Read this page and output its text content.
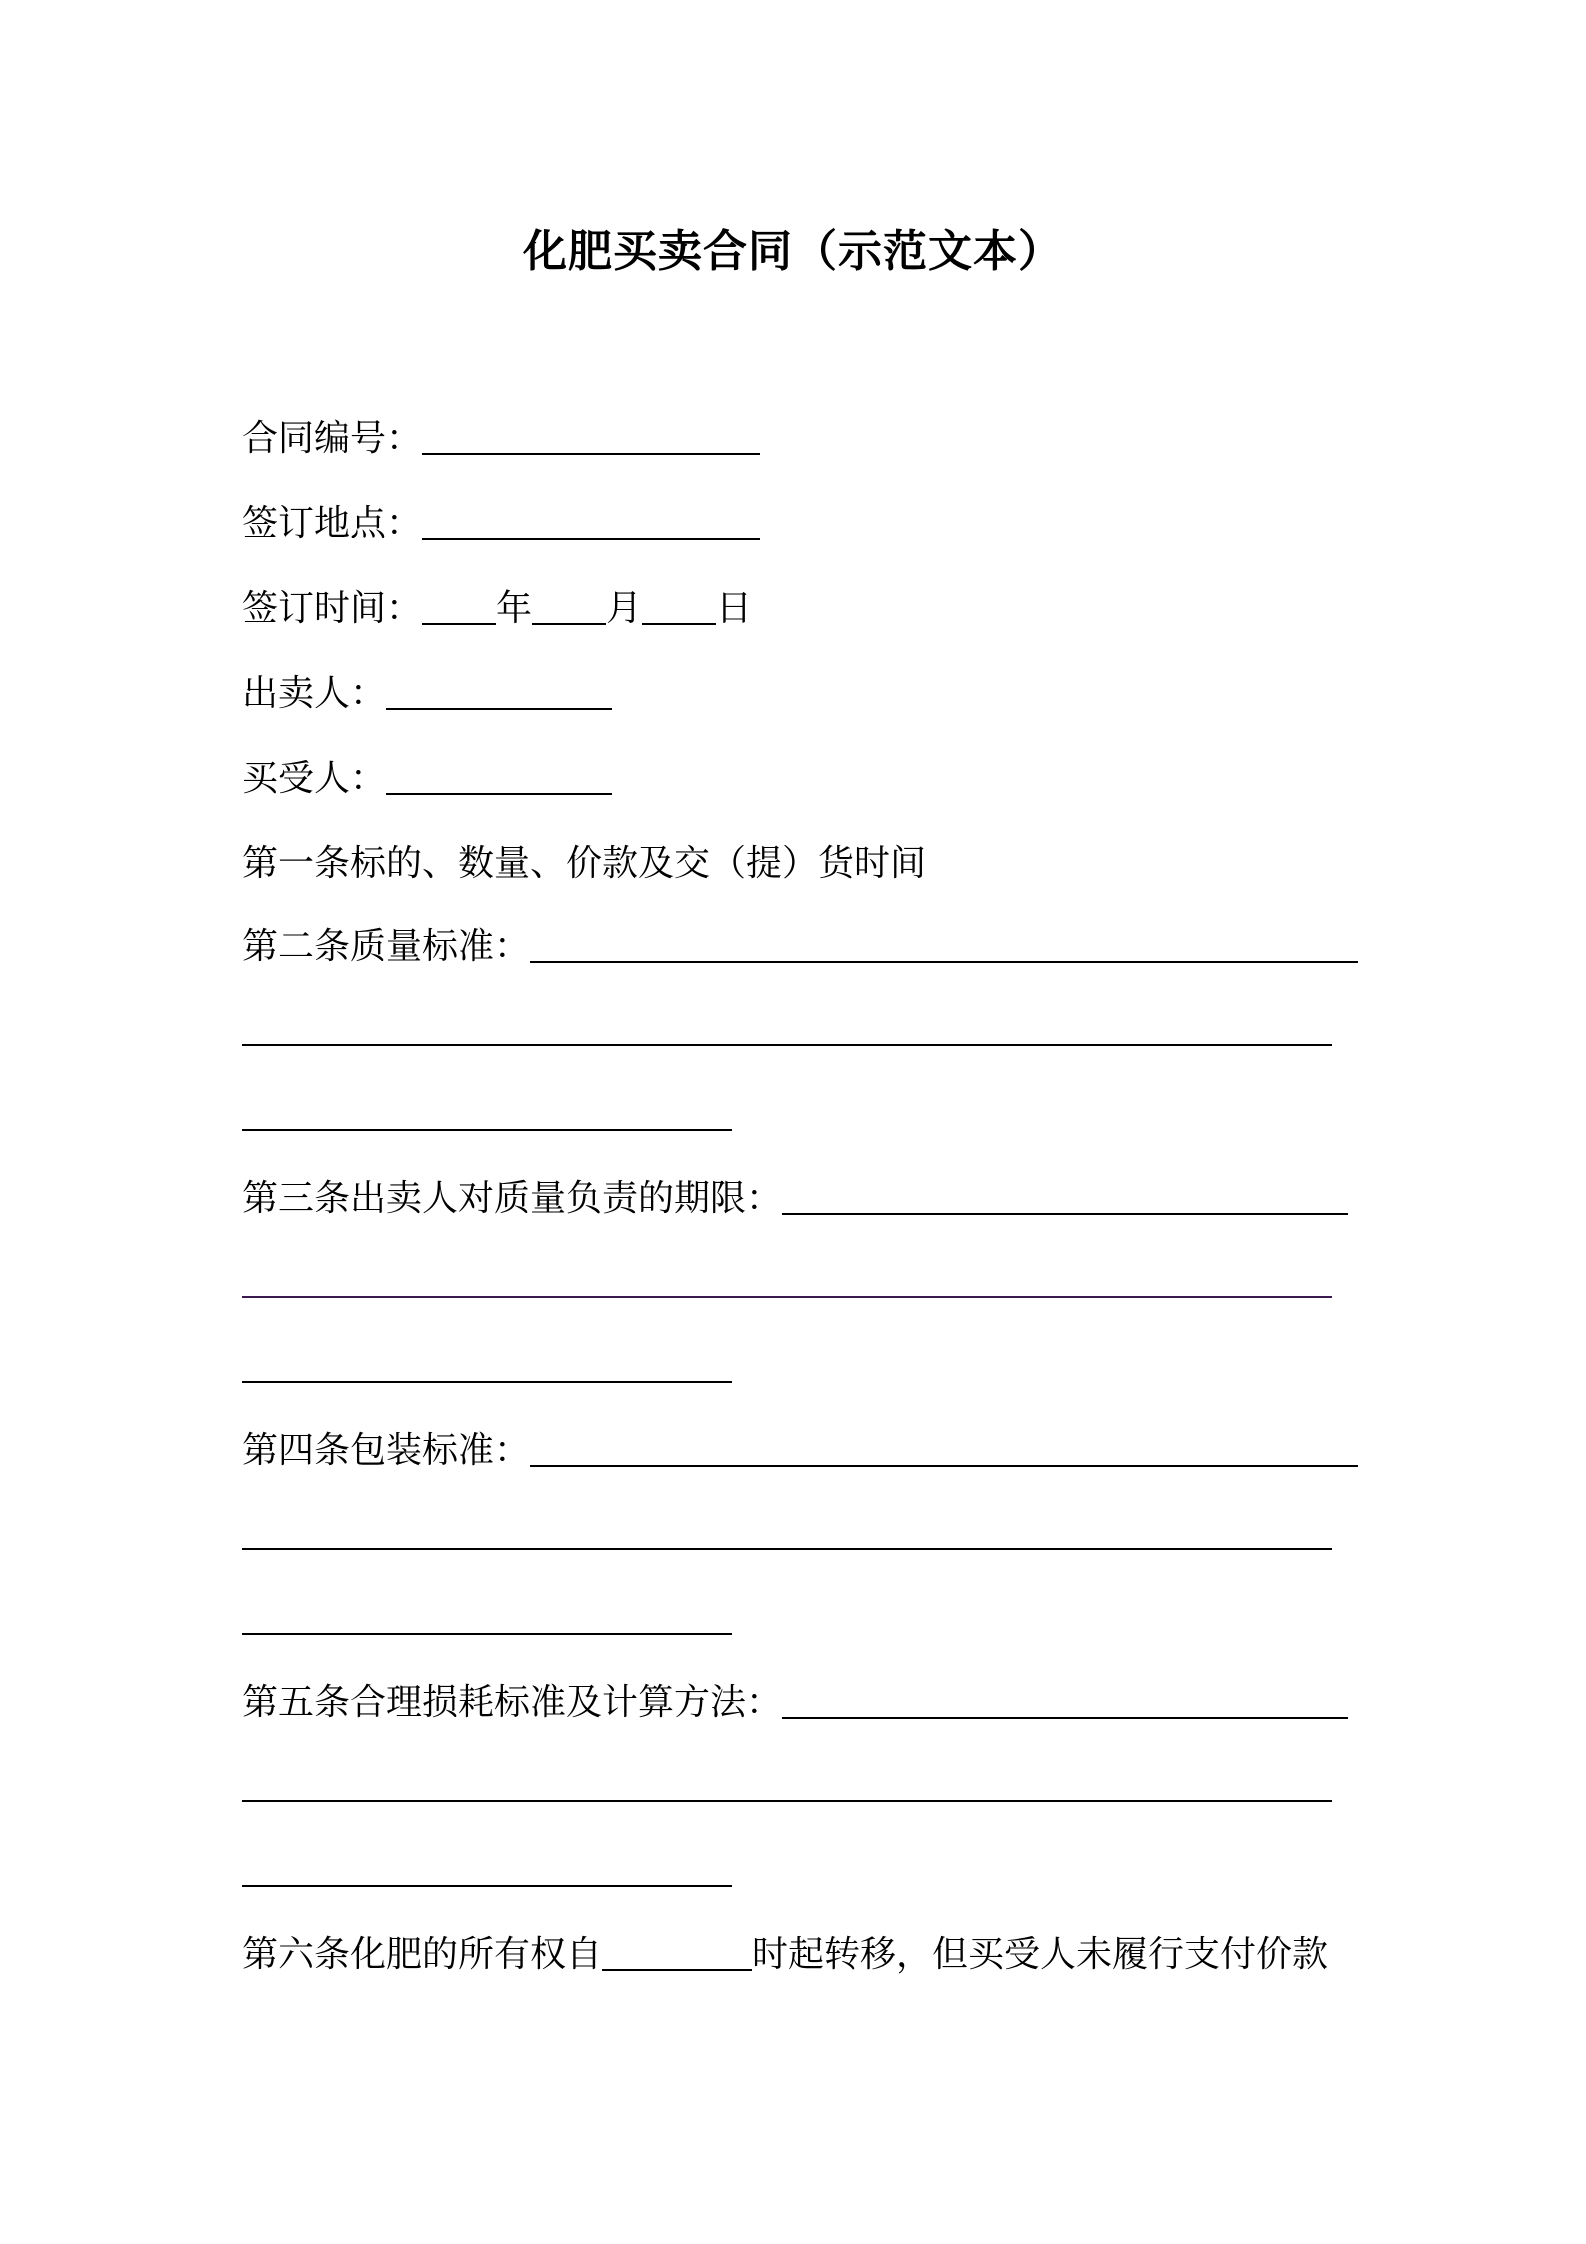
化肥买卖合同（示范文本）
合同编号：
签订地点：
签订时间： 年 月 日
出卖人：
买受人：
第一条标的、数量、价款及交（提）货时间
第二条质量标准：
第三条出卖人对质量负责的期限：
第四条包装标准：
第五条合理损耗标准及计算方法：
第六条化肥的所有权自	时起转移，但买受人未履行支付价款
